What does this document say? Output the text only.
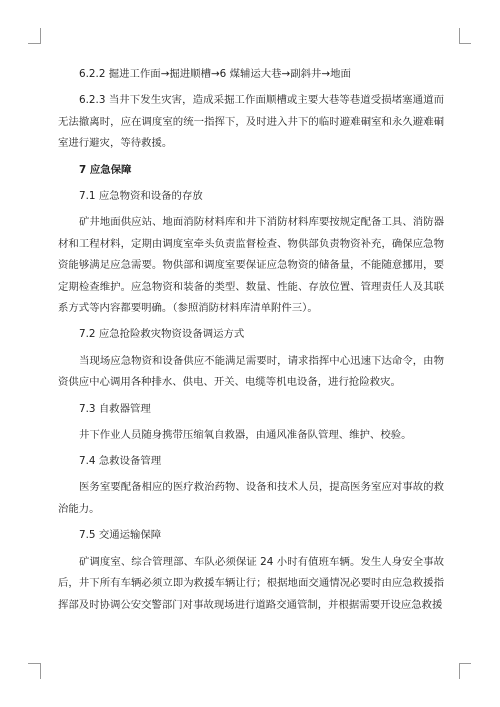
6.2.2 掘进工作面→掘进顺槽→6 煤辅运大巷→副斜井→地面

6.2.3 当井下发生灾害，造成采掘工作面顺槽或主要大巷等巷道受损堵塞通道而无法撤离时，应在调度室的统一指挥下，及时进入井下的临时避难硐室和永久避难硐室进行避灾，等待救援。

7 应急保障

7.1 应急物资和设备的存放

矿井地面供应站、地面消防材料库和井下消防材料库要按规定配备工具、消防器材和工程材料，定期由调度室牵头负责监督检查、物供部负责物资补充，确保应急物资能够满足应急需要。物供部和调度室要保证应急物资的储备量，不能随意挪用，要定期检查维护。应急物资和装备的类型、数量、性能、存放位置、管理责任人及其联系方式等内容都要明确。（参照消防材料库清单附件三）。

7.2 应急抢险救灾物资设备调运方式

当现场应急物资和设备供应不能满足需要时，请求指挥中心迅速下达命令，由物资供应中心调用各种排水、供电、开关、电缆等机电设备，进行抢险救灾。

7.3 自救器管理

井下作业人员随身携带压缩氧自救器，由通风准备队管理、维护、校验。

7.4 急救设备管理

医务室要配备相应的医疗救治药物、设备和技术人员，提高医务室应对事故的救治能力。

7.5 交通运输保障

矿调度室、综合管理部、车队必须保证 24 小时有值班车辆。发生人身安全事故后，井下所有车辆必须立即为救援车辆让行；根据地面交通情况必要时由应急救援指挥部及时协调公安交警部门对事故现场进行道路交通管制，并根据需要开设应急救援
